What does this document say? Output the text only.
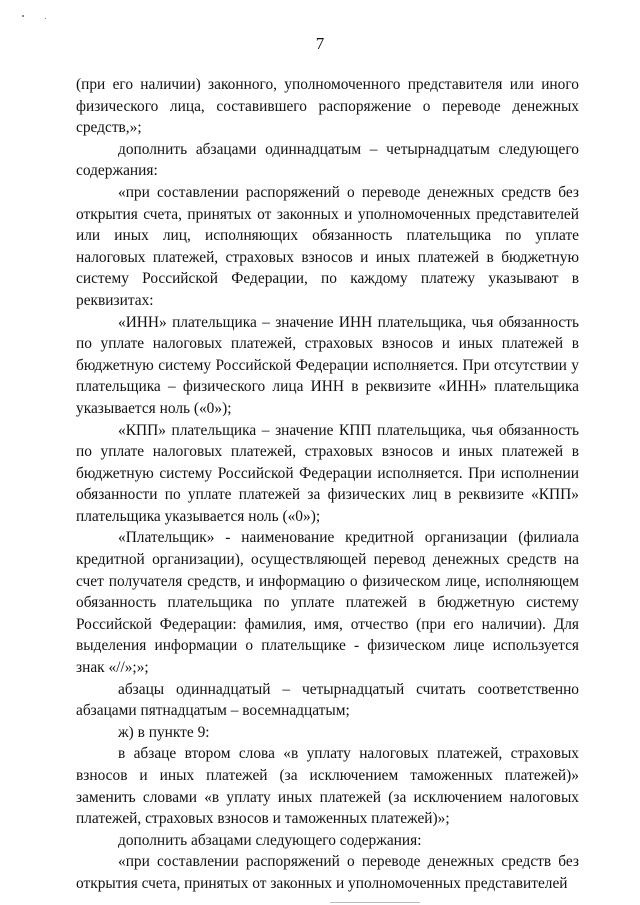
7

(при его наличии) законного, уполномоченного представителя или иного физического лица, составившего распоряжение о переводе денежных средств,»;

дополнить абзацами одиннадцатым – четырнадцатым следующего содержания:

«при составлении распоряжений о переводе денежных средств без открытия счета, принятых от законных и уполномоченных представителей или иных лиц, исполняющих обязанность плательщика по уплате налоговых платежей, страховых взносов и иных платежей в бюджетную систему Российской Федерации, по каждому платежу указывают в реквизитах:

«ИНН» плательщика – значение ИНН плательщика, чья обязанность по уплате налоговых платежей, страховых взносов и иных платежей в бюджетную систему Российской Федерации исполняется. При отсутствии у плательщика – физического лица ИНН в реквизите «ИНН» плательщика указывается ноль («0»);

«КПП» плательщика – значение КПП плательщика, чья обязанность по уплате налоговых платежей, страховых взносов и иных платежей в бюджетную систему Российской Федерации исполняется. При исполнении обязанности по уплате платежей за физических лиц в реквизите «КПП» плательщика указывается ноль («0»);

«Плательщик» - наименование кредитной организации (филиала кредитной организации), осуществляющей перевод денежных средств на счет получателя средств, и информацию о физическом лице, исполняющем обязанность плательщика по уплате платежей в бюджетную систему Российской Федерации: фамилия, имя, отчество (при его наличии). Для выделения информации о плательщике - физическом лице используется знак «//»;»;

абзацы одиннадцатый – четырнадцатый считать соответственно абзацами пятнадцатым – восемнадцатым;

ж) в пункте 9:

в абзаце втором слова «в уплату налоговых платежей, страховых взносов и иных платежей (за исключением таможенных платежей)» заменить словами «в уплату иных платежей (за исключением налоговых платежей, страховых взносов и таможенных платежей)»;

дополнить абзацами следующего содержания:

«при составлении распоряжений о переводе денежных средств без открытия счета, принятых от законных и уполномоченных представителей
